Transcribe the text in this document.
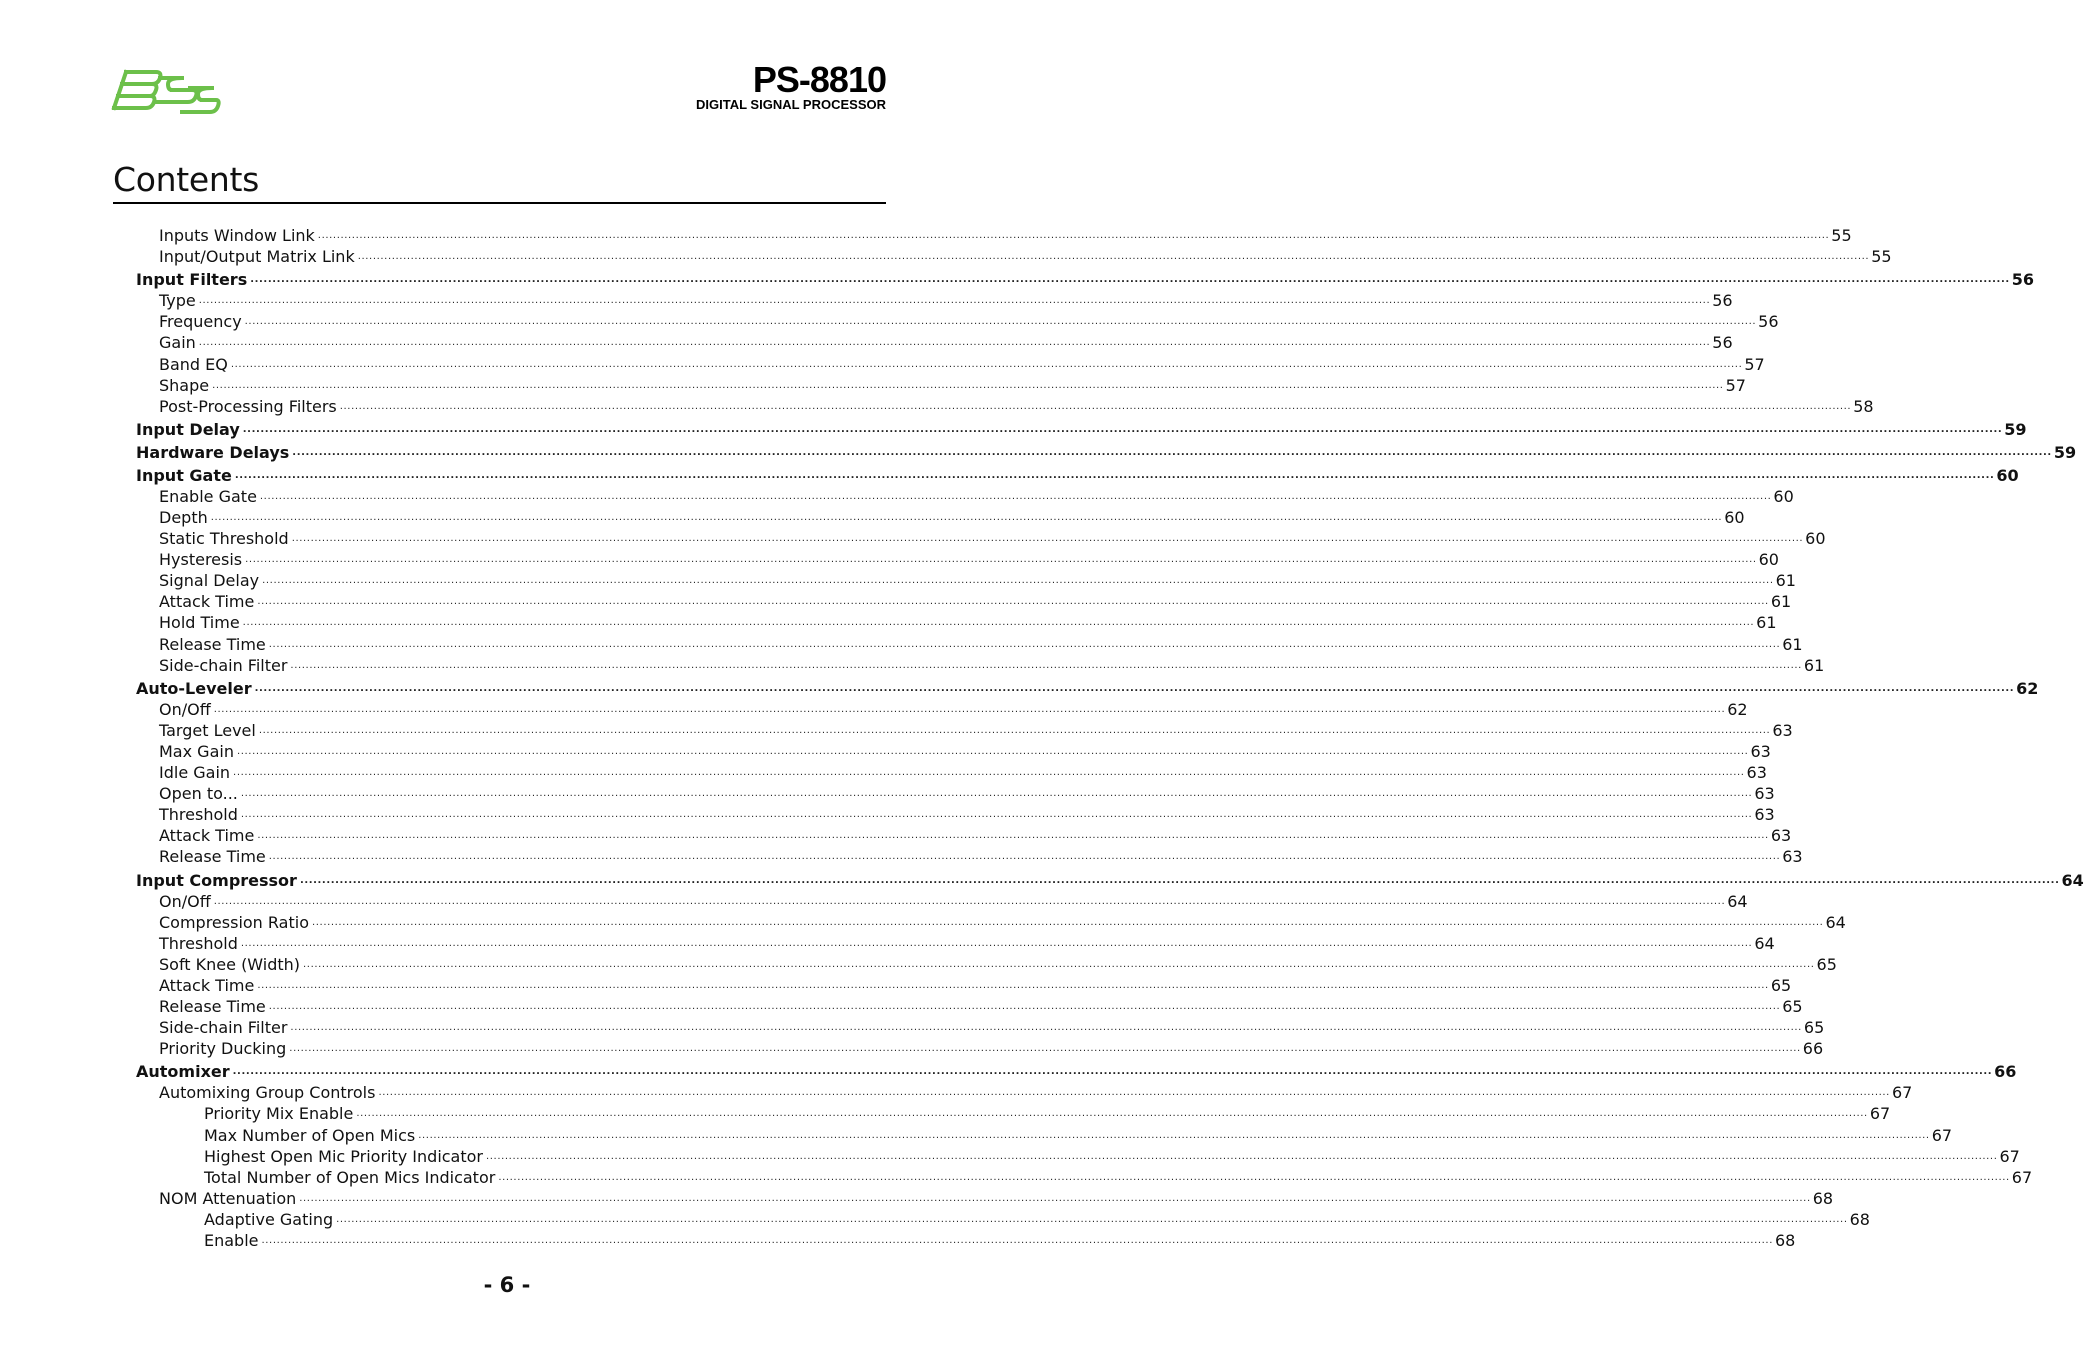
PS-8810
DIGITAL SIGNAL PROCESSOR
Contents
Inputs Window Link ................................................................................................................................................................................................................................................................................................................................................................................................................ 55
Input/Output Matrix Link ................................................................................................................................................................................................................................................................................................................................................................................................................ 55
Input Filters ................................................................................................................................................................................................................................................................................................................................................................................................................ 56
Type ................................................................................................................................................................................................................................................................................................................................................................................................................ 56
Frequency ................................................................................................................................................................................................................................................................................................................................................................................................................ 56
Gain ................................................................................................................................................................................................................................................................................................................................................................................................................ 56
Band EQ ................................................................................................................................................................................................................................................................................................................................................................................................................ 57
Shape ................................................................................................................................................................................................................................................................................................................................................................................................................ 57
Post-Processing Filters ................................................................................................................................................................................................................................................................................................................................................................................................................ 58
Input Delay ................................................................................................................................................................................................................................................................................................................................................................................................................ 59
Hardware Delays ................................................................................................................................................................................................................................................................................................................................................................................................................ 59
Input Gate ................................................................................................................................................................................................................................................................................................................................................................................................................ 60
Enable Gate ................................................................................................................................................................................................................................................................................................................................................................................................................ 60
Depth ................................................................................................................................................................................................................................................................................................................................................................................................................ 60
Static Threshold ................................................................................................................................................................................................................................................................................................................................................................................................................ 60
Hysteresis ................................................................................................................................................................................................................................................................................................................................................................................................................ 60
Signal Delay ................................................................................................................................................................................................................................................................................................................................................................................................................ 61
Attack Time ................................................................................................................................................................................................................................................................................................................................................................................................................ 61
Hold Time ................................................................................................................................................................................................................................................................................................................................................................................................................ 61
Release Time ................................................................................................................................................................................................................................................................................................................................................................................................................ 61
Side-chain Filter ................................................................................................................................................................................................................................................................................................................................................................................................................ 61
Auto-Leveler ................................................................................................................................................................................................................................................................................................................................................................................................................ 62
On/Off ................................................................................................................................................................................................................................................................................................................................................................................................................ 62
Target Level ................................................................................................................................................................................................................................................................................................................................................................................................................ 63
Max Gain ................................................................................................................................................................................................................................................................................................................................................................................................................ 63
Idle Gain ................................................................................................................................................................................................................................................................................................................................................................................................................ 63
Open to... ................................................................................................................................................................................................................................................................................................................................................................................................................ 63
Threshold ................................................................................................................................................................................................................................................................................................................................................................................................................ 63
Attack Time ................................................................................................................................................................................................................................................................................................................................................................................................................ 63
Release Time ................................................................................................................................................................................................................................................................................................................................................................................................................ 63
Input Compressor ................................................................................................................................................................................................................................................................................................................................................................................................................ 64
On/Off ................................................................................................................................................................................................................................................................................................................................................................................................................ 64
Compression Ratio ................................................................................................................................................................................................................................................................................................................................................................................................................ 64
Threshold ................................................................................................................................................................................................................................................................................................................................................................................................................ 64
Soft Knee (Width) ................................................................................................................................................................................................................................................................................................................................................................................................................ 65
Attack Time ................................................................................................................................................................................................................................................................................................................................................................................................................ 65
Release Time ................................................................................................................................................................................................................................................................................................................................................................................................................ 65
Side-chain Filter ................................................................................................................................................................................................................................................................................................................................................................................................................ 65
Priority Ducking ................................................................................................................................................................................................................................................................................................................................................................................................................ 66
Automixer ................................................................................................................................................................................................................................................................................................................................................................................................................ 66
Automixing Group Controls ................................................................................................................................................................................................................................................................................................................................................................................................................ 67
Priority Mix Enable ................................................................................................................................................................................................................................................................................................................................................................................................................ 67
Max Number of Open Mics ................................................................................................................................................................................................................................................................................................................................................................................................................ 67
Highest Open Mic Priority Indicator ................................................................................................................................................................................................................................................................................................................................................................................................................ 67
Total Number of Open Mics Indicator ................................................................................................................................................................................................................................................................................................................................................................................................................ 67
NOM Attenuation ................................................................................................................................................................................................................................................................................................................................................................................................................ 68
Adaptive Gating ................................................................................................................................................................................................................................................................................................................................................................................................................ 68
Enable ................................................................................................................................................................................................................................................................................................................................................................................................................ 68
- 6 -
